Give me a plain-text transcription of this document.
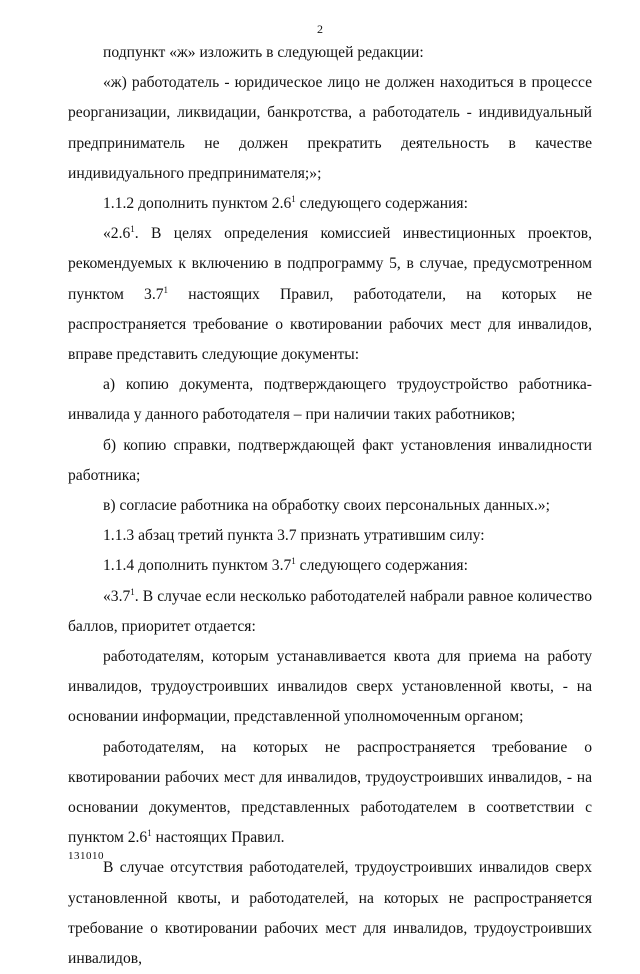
2

подпункт «ж» изложить в следующей редакции:

«ж) работодатель - юридическое лицо не должен находиться в процессе реорганизации, ликвидации, банкротства, а работодатель - индивидуальный предприниматель не должен прекратить деятельность в качестве индивидуального предпринимателя;»;

1.1.2 дополнить пунктом $2.6^1$ следующего содержания:

«$2.6^1$. В целях определения комиссией инвестиционных проектов, рекомендуемых к включению в подпрограмму 5, в случае, предусмотренном пунктом $3.7^1$ настоящих Правил, работодатели, на которых не распространяется требование о квотировании рабочих мест для инвалидов, вправе представить следующие документы:

а) копию документа, подтверждающего трудоустройство работника-инвалида у данного работодателя – при наличии таких работников;

б) копию справки, подтверждающей факт установления инвалидности работника;

в) согласие работника на обработку своих персональных данных.»;

1.1.3 абзац третий пункта 3.7 признать утратившим силу:

1.1.4 дополнить пунктом $3.7^1$ следующего содержания:

«$3.7^1$. В случае если несколько работодателей набрали равное количество баллов, приоритет отдается:

работодателям, которым устанавливается квота для приема на работу инвалидов, трудоустроивших инвалидов сверх установленной квоты, - на основании информации, представленной уполномоченным органом;

работодателям, на которых не распространяется требование о квотировании рабочих мест для инвалидов, трудоустроивших инвалидов, - на основании документов, представленных работодателем в соответствии с пунктом $2.6^1$ настоящих Правил.

В случае отсутствия работодателей, трудоустроивших инвалидов сверх установленной квоты, и работодателей, на которых не распространяется требование о квотировании рабочих мест для инвалидов, трудоустроивших инвалидов,

131010
